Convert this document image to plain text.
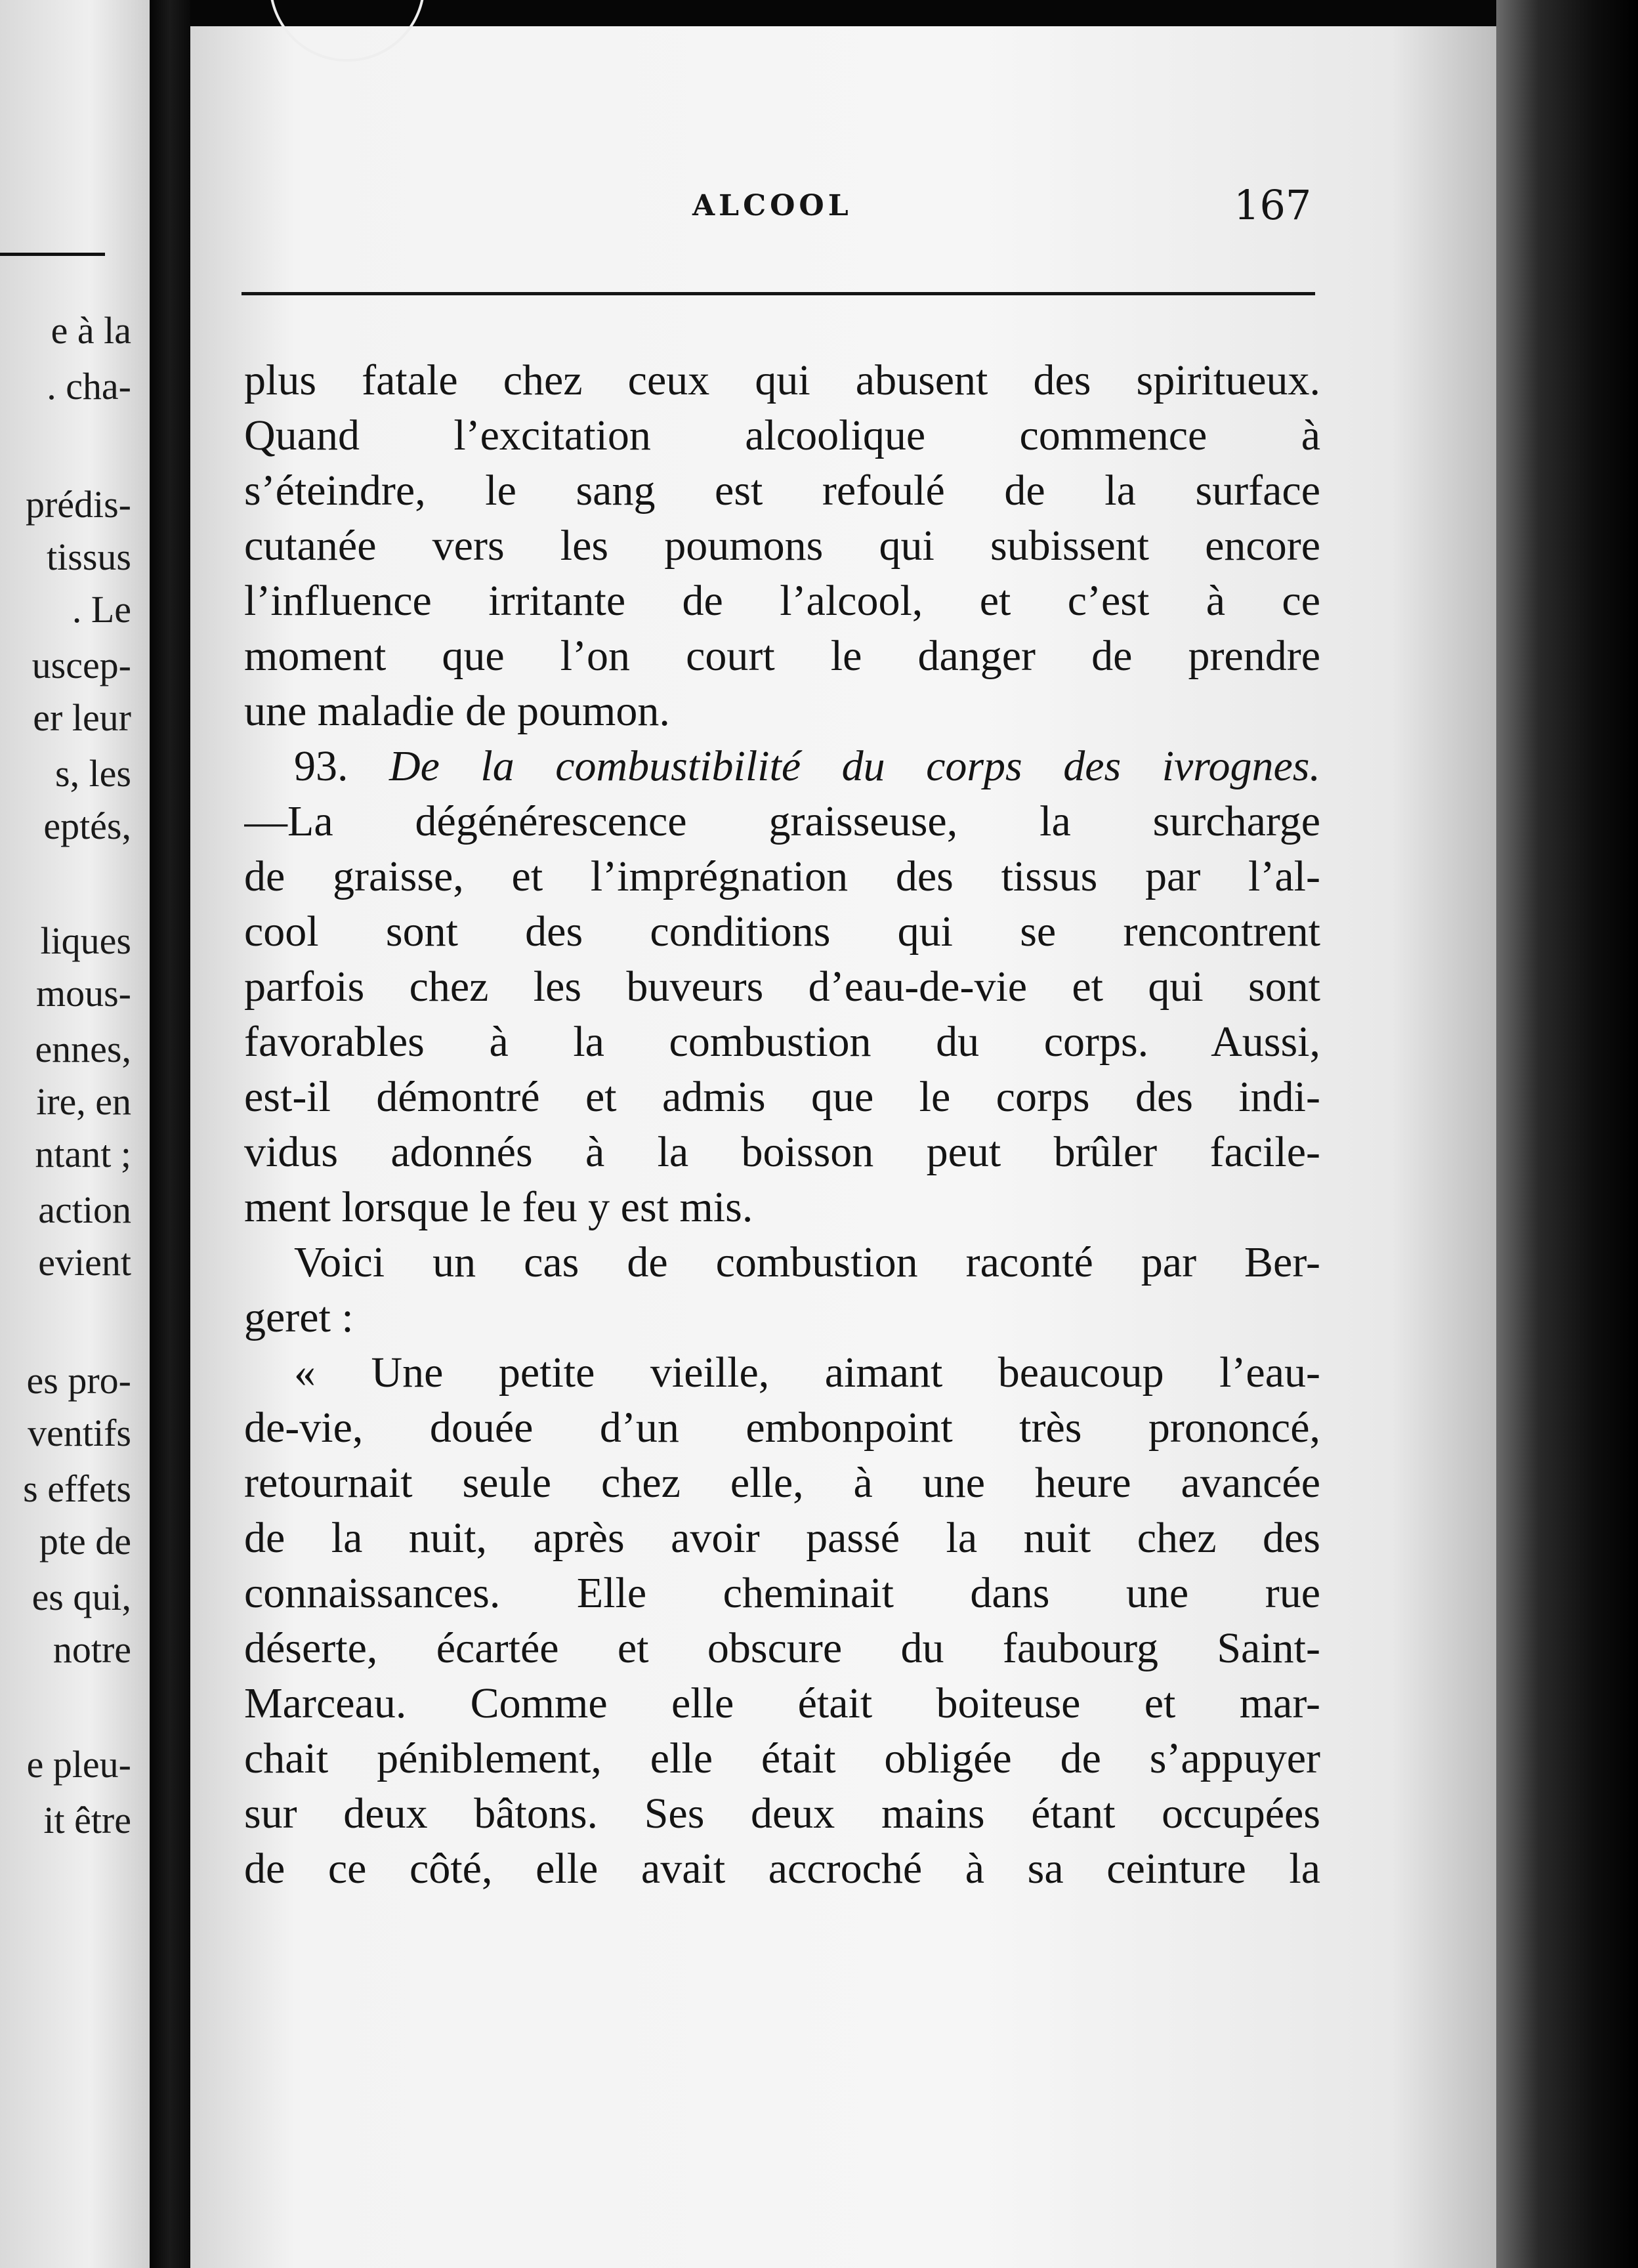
e à la
. cha-
prédis-
tissus
. Le
uscep-
er leur
s, les
eptés,
liques
mous-
ennes,
ire, en
ntant ;
action
evient
es pro-
ventifs
s effets
pte de
es qui,
notre
e pleu-
it être
ALCOOL	167
plus fatale chez ceux qui abusent des spiritueux.
Quand l’excitation alcoolique commence à
s’éteindre, le sang est refoulé de la surface
cutanée vers les poumons qui subissent encore
l’influence irritante de l’alcool, et c’est à ce
moment que l’on court le danger de prendre
une maladie de poumon.
93. De la combustibilité du corps des ivrognes.
—La dégénérescence graisseuse, la surcharge
de graisse, et l’imprégnation des tissus par l’al-
cool sont des conditions qui se rencontrent
parfois chez les buveurs d’eau-de-vie et qui sont
favorables à la combustion du corps. Aussi,
est-il démontré et admis que le corps des indi-
vidus adonnés à la boisson peut brûler facile-
ment lorsque le feu y est mis.
Voici un cas de combustion raconté par Ber-
geret :
« Une petite vieille, aimant beaucoup l’eau-
de-vie, douée d’un embonpoint très prononcé,
retournait seule chez elle, à une heure avancée
de la nuit, après avoir passé la nuit chez des
connaissances. Elle cheminait dans une rue
déserte, écartée et obscure du faubourg Saint-
Marceau. Comme elle était boiteuse et mar-
chait péniblement, elle était obligée de s’appuyer
sur deux bâtons. Ses deux mains étant occupées
de ce côté, elle avait accroché à sa ceinture la
